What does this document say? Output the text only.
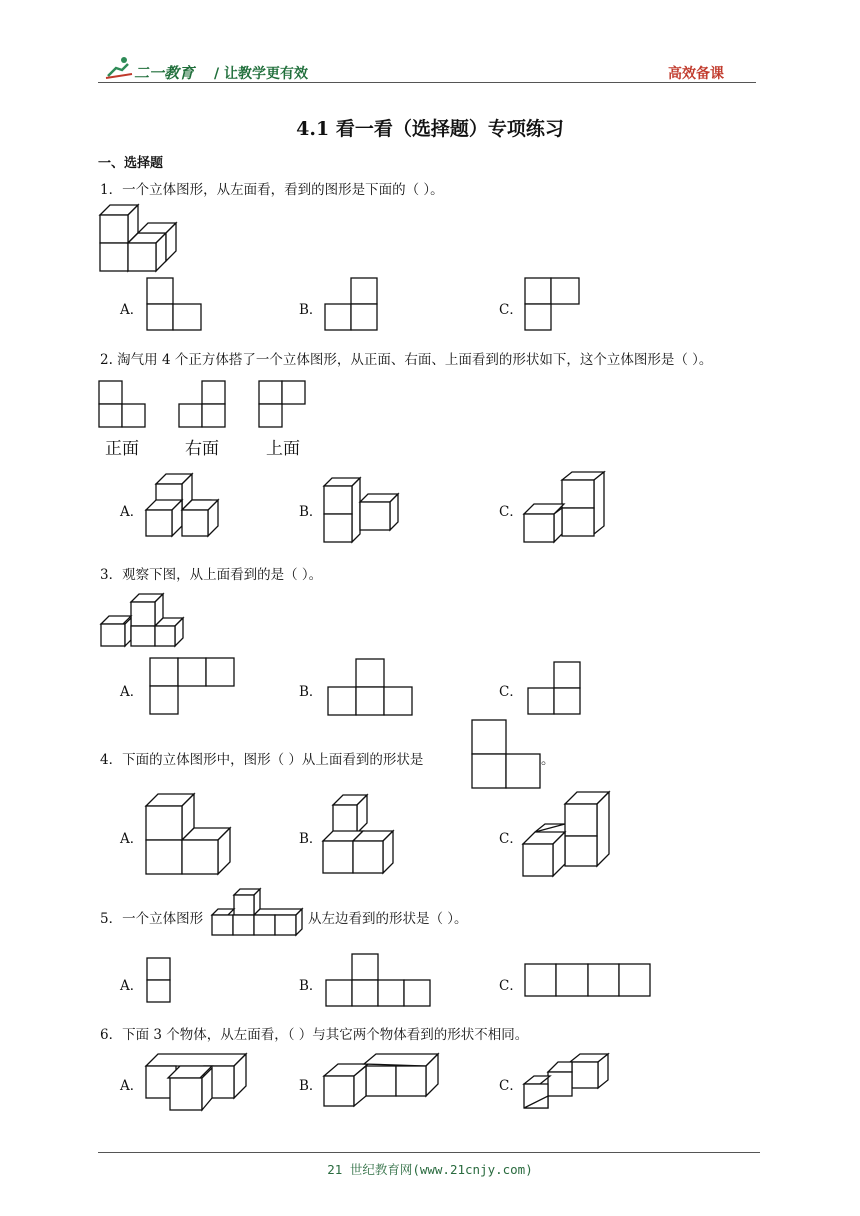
二一教育 / 让教学更有效	高效备课
4.1 看一看（选择题）专项练习
一、选择题
1．一个立体图形，从左面看，看到的图形是下面的（ ）。
A．	B．	C．
2. 淘气用 4 个正方体搭了一个立体图形，从正面、右面、上面看到的形状如下，这个立体图形是（ ）。
正面	右面	上面
A．	B．	C．
3．观察下图，从上面看到的是（ ）。
A．	B．	C．
4．下面的立体图形中，图形（ ）从上面看到的形状是	。
A．	B．	C．
5．一个立体图形	从左边看到的形状是（ ）。
A．	B．	C．
6．下面 3 个物体，从左面看，（ ）与其它两个物体看到的形状不相同。
A．	B．	C．
21 世纪教育网(www.21cnjy.com)
